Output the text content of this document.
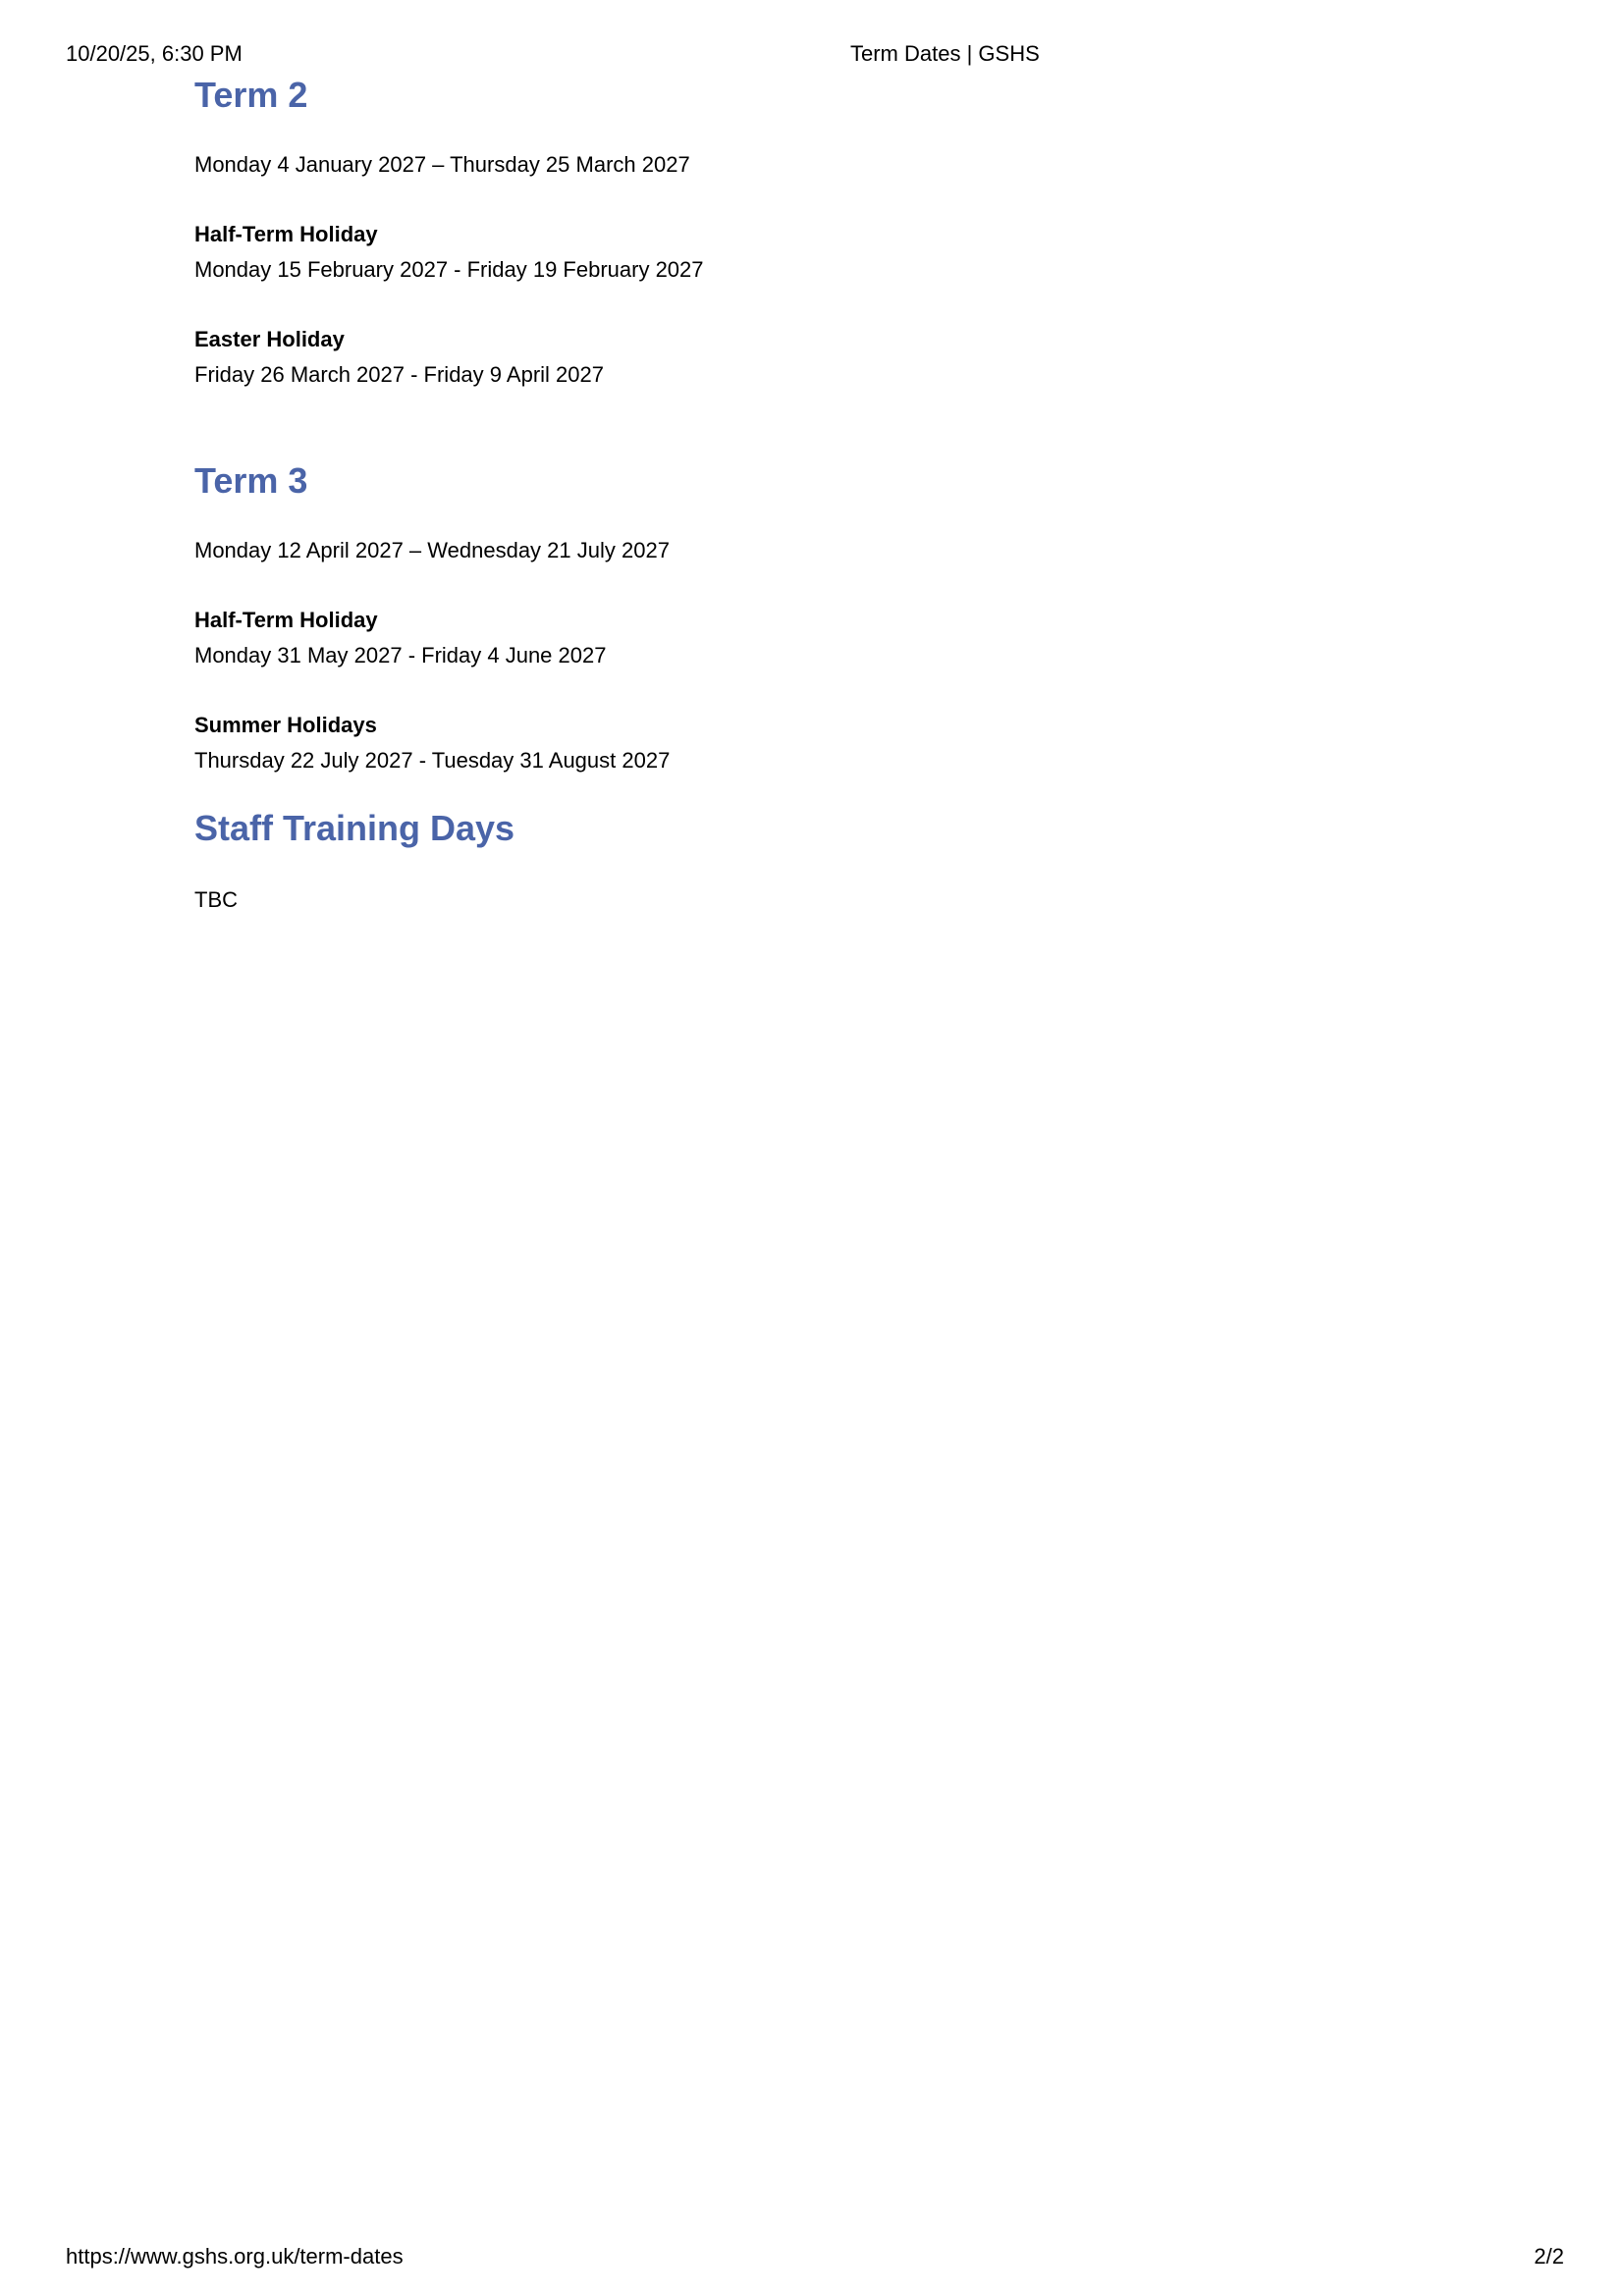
10/20/25, 6:30 PM	Term Dates | GSHS
Term 2

Monday 4 January 2027 – Thursday 25 March 2027

Half-Term Holiday

Monday 15 February 2027 - Friday 19 February 2027

Easter Holiday

Friday 26 March 2027 - Friday 9 April 2027

Term 3

Monday 12 April 2027 – Wednesday 21 July 2027

Half-Term Holiday

Monday 31 May 2027 - Friday 4 June 2027

Summer Holidays

Thursday 22 July 2027 - Tuesday 31 August 2027

Staff Training Days

TBC

https://www.gshs.org.uk/term-dates	2/2
